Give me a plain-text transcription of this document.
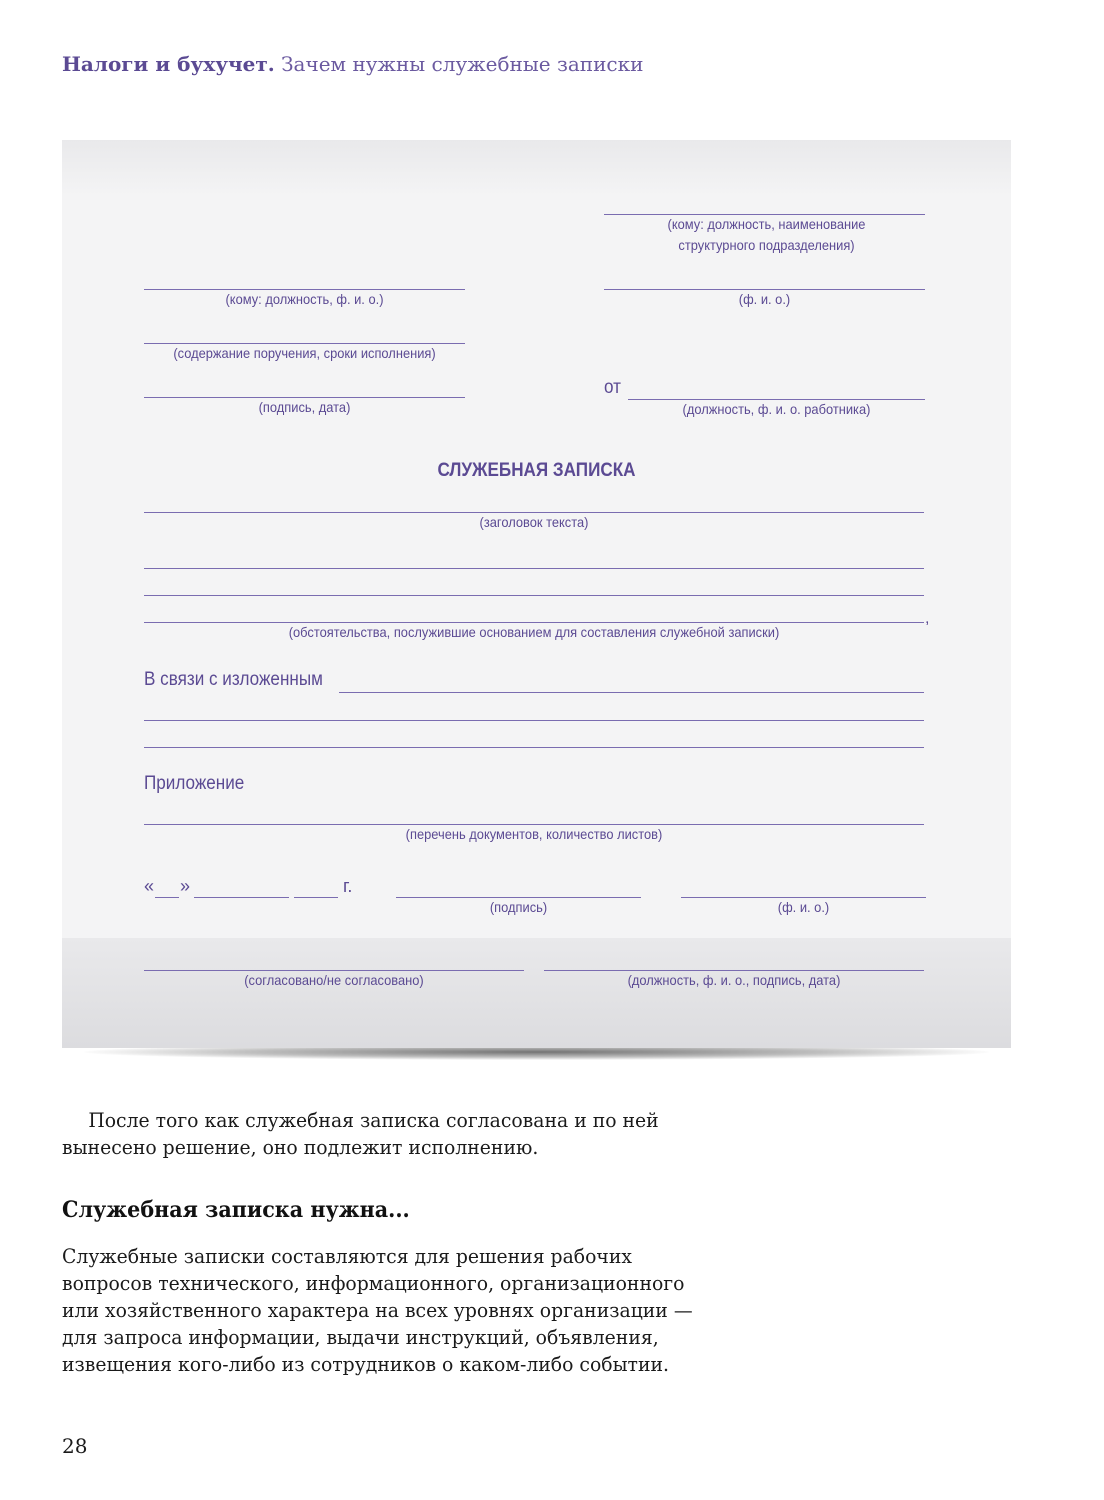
Налоги и бухучет. Зачем нужны служебные записки
(кому: должность, наименование структурного подразделения)
(ф. и. о.)
(кому: должность, ф. и. о.)
(содержание поручения, сроки исполнения)
(подпись, дата)
от
(должность, ф. и. о. работника)
СЛУЖЕБНАЯ ЗАПИСКА
(заголовок текста)
,
(обстоятельства, послужившие основанием для составления служебной записки)
В связи с изложенным
Приложение
(перечень документов, количество листов)
« »	г.
(подпись)	(ф. и. о.)
(согласовано/не согласовано)	(должность, ф. и. о., подпись, дата)

После того как служебная записка согласована и по ней вынесено решение, оно подлежит исполнению.

Служебная записка нужна...

Служебные записки составляются для решения рабочих вопросов технического, информационного, организационного или хозяйственного характера на всех уровнях организации — для запроса информации, выдачи инструкций, объявления, извещения кого-либо из сотрудников о каком-либо событии.

28
